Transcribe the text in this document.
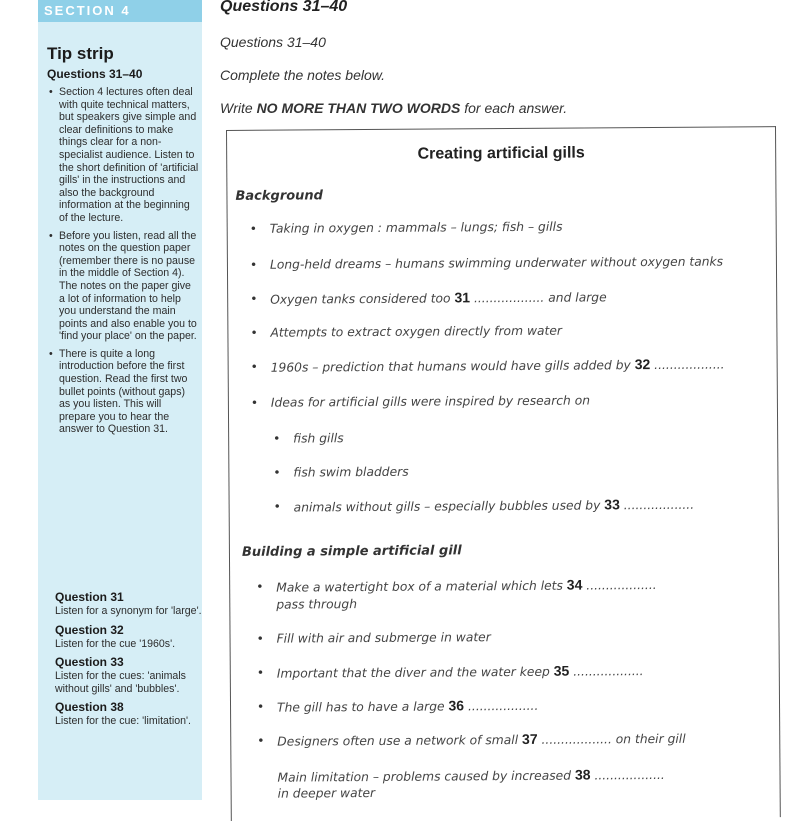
SECTION 4
Tip strip
Questions 31–40
• Section 4 lectures often deal with quite technical matters, but speakers give simple and clear definitions to make things clear for a non-specialist audience. Listen to the short definition of 'artificial gills' in the instructions and also the background information at the beginning of the lecture.
• Before you listen, read all the notes on the question paper (remember there is no pause in the middle of Section 4). The notes on the paper give a lot of information to help you understand the main points and also enable you to 'find your place' on the paper.
• There is quite a long introduction before the first question. Read the first two bullet points (without gaps) as you listen. This will prepare you to hear the answer to Question 31.
Question 31
Listen for a synonym for 'large'.
Question 32
Listen for the cue '1960s'.
Question 33
Listen for the cues: 'animals without gills' and 'bubbles'.
Question 38
Listen for the cue: 'limitation'.
Questions 31–40
Questions 31–40
Complete the notes below.
Write NO MORE THAN TWO WORDS for each answer.
Creating artificial gills
Background
• Taking in oxygen : mammals – lungs; fish – gills
• Long-held dreams – humans swimming underwater without oxygen tanks
• Oxygen tanks considered too 31 .................. and large
• Attempts to extract oxygen directly from water
• 1960s – prediction that humans would have gills added by 32 ..................
• Ideas for artificial gills were inspired by research on
• fish gills
• fish swim bladders
• animals without gills – especially bubbles used by 33 ..................
Building a simple artificial gill
• Make a watertight box of a material which lets 34 ..................
pass through
• Fill with air and submerge in water
• Important that the diver and the water keep 35 ..................
• The gill has to have a large 36 ..................
• Designers often use a network of small 37 .................. on their gill
Main limitation – problems caused by increased 38 ..................
in deeper water
